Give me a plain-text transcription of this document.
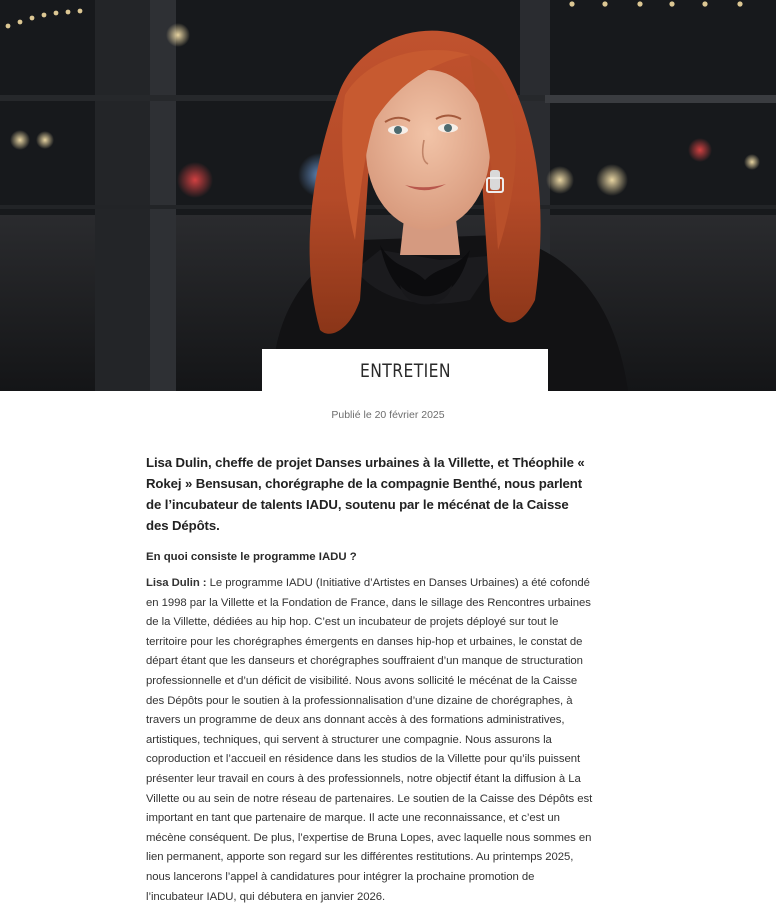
ENTRETIEN
Publié le 20 février 2025

Lisa Dulin, cheffe de projet Danses urbaines à la Villette, et Théophile « Rokej » Bensusan, chorégraphe de la compagnie Benthé, nous parlent de l’incubateur de talents IADU, soutenu par le mécénat de la Caisse des Dépôts.

En quoi consiste le programme IADU ?

Lisa Dulin : Le programme IADU (Initiative d’Artistes en Danses Urbaines) a été cofondé en 1998 par la Villette et la Fondation de France, dans le sillage des Rencontres urbaines de la Villette, dédiées au hip hop. C’est un incubateur de projets déployé sur tout le territoire pour les chorégraphes émergents en danses hip-hop et urbaines, le constat de départ étant que les danseurs et chorégraphes souffraient d’un manque de structuration professionnelle et d’un déficit de visibilité. Nous avons sollicité le mécénat de la Caisse des Dépôts pour le soutien à la professionnalisation d’une dizaine de chorégraphes, à travers un programme de deux ans donnant accès à des formations administratives, artistiques, techniques, qui servent à structurer une compagnie. Nous assurons la coproduction et l’accueil en résidence dans les studios de la Villette pour qu’ils puissent présenter leur travail en cours à des professionnels, notre objectif étant la diffusion à La Villette ou au sein de notre réseau de partenaires. Le soutien de la Caisse des Dépôts est important en tant que partenaire de marque. Il acte une reconnaissance, et c’est un mécène conséquent. De plus, l’expertise de Bruna Lopes, avec laquelle nous sommes en lien permanent, apporte son regard sur les différentes restitutions. Au printemps 2025, nous lancerons l’appel à candidatures pour intégrer la prochaine promotion de l’incubateur IADU, qui débutera en janvier 2026.
